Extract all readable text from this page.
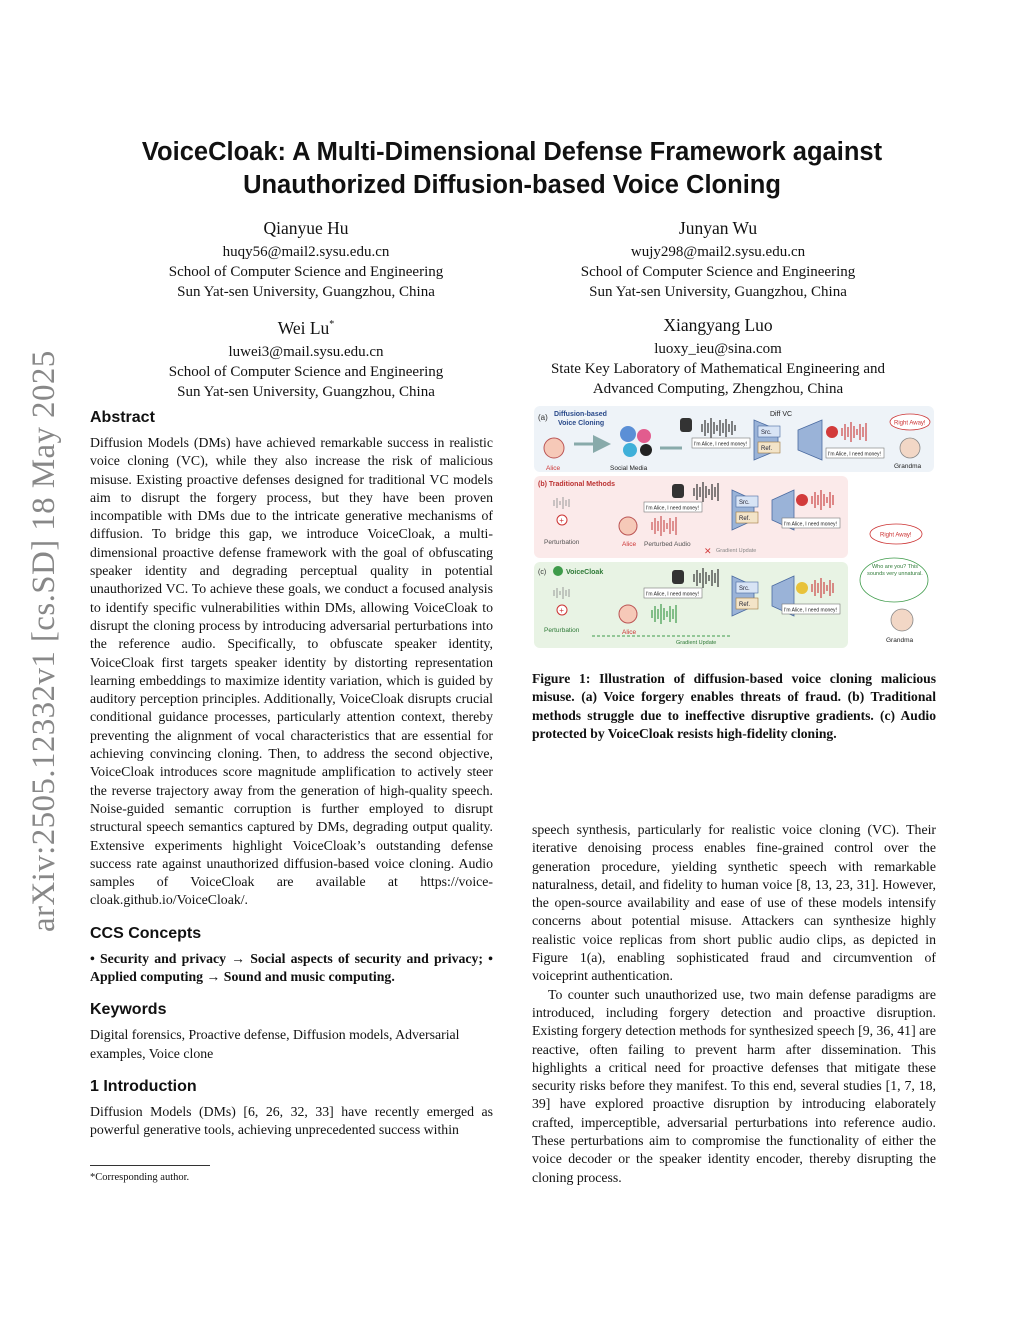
arXiv:2505.12332v1 [cs.SD] 18 May 2025
VoiceCloak: A Multi-Dimensional Defense Framework against
Unauthorized Diffusion-based Voice Cloning
Qianyue Hu
huqy56@mail2.sysu.edu.cn
School of Computer Science and Engineering
Sun Yat-sen University, Guangzhou, China
Junyan Wu
wujy298@mail2.sysu.edu.cn
School of Computer Science and Engineering
Sun Yat-sen University, Guangzhou, China
Wei Lu*
luwei3@mail.sysu.edu.cn
School of Computer Science and Engineering
Sun Yat-sen University, Guangzhou, China
Xiangyang Luo
luoxy_ieu@sina.com
State Key Laboratory of Mathematical Engineering and
Advanced Computing, Zhengzhou, China
Abstract

Diffusion Models (DMs) have achieved remarkable success in realistic voice cloning (VC), while they also increase the risk of malicious misuse. Existing proactive defenses designed for traditional VC models aim to disrupt the forgery process, but they have been proven incompatible with DMs due to the intricate generative mechanisms of diffusion. To bridge this gap, we introduce VoiceCloak, a multi-dimensional proactive defense framework with the goal of obfuscating speaker identity and degrading perceptual quality in potential unauthorized VC. To achieve these goals, we conduct a focused analysis to identify specific vulnerabilities within DMs, allowing VoiceCloak to disrupt the cloning process by introducing adversarial perturbations into the reference audio. Specifically, to obfuscate speaker identity, VoiceCloak first targets speaker identity by distorting representation learning embeddings to maximize identity variation, which is guided by auditory perception principles. Additionally, VoiceCloak disrupts crucial conditional guidance processes, particularly attention context, thereby preventing the alignment of vocal characteristics that are essential for achieving convincing cloning. Then, to address the second objective, VoiceCloak introduces score magnitude amplification to actively steer the reverse trajectory away from the generation of high-quality speech. Noise-guided semantic corruption is further employed to disrupt structural speech semantics captured by DMs, degrading output quality. Extensive experiments highlight VoiceCloak’s outstanding defense success rate against unauthorized diffusion-based voice cloning. Audio samples of VoiceCloak are available at https://voice-cloak.github.io/VoiceCloak/.

CCS Concepts

• Security and privacy → Social aspects of security and privacy; • Applied computing → Sound and music computing.

Keywords

Digital forensics, Proactive defense, Diffusion models, Adversarial examples, Voice clone

1 Introduction

Diffusion Models (DMs) [6, 26, 32, 33] have recently emerged as powerful generative tools, achieving unprecedented success within

*Corresponding author.
(a) Diffusion-based
Voice Cloning
Alice	Social Media
I'm Alice, I need money!
Diff VC
Src.
Ref.
I'm Alice, I need money!
Right Away!
Grandma
(b) Traditional Methods
+
Perturbation	Alice
I'm Alice, I need money!
Perturbed Audio
Src.
Ref.
✕ Gradient Update
I'm Alice, I need money!
(c)	VoiceCloak
+
Perturbation	Alice
I'm Alice, I need money!
Src.
Ref.
Gradient Update
I'm Alice, I need money!
Right Away!
Who are you? This sounds very unnatural.
Grandma
Figure 1: Illustration of diffusion-based voice cloning malicious misuse. (a) Voice forgery enables threats of fraud. (b) Traditional methods struggle due to ineffective disruptive gradients. (c) Audio protected by VoiceCloak resists high-fidelity cloning.

speech synthesis, particularly for realistic voice cloning (VC). Their iterative denoising process enables fine-grained control over the generation procedure, yielding synthetic speech with remarkable naturalness, detail, and fidelity to human voice [8, 13, 23, 31]. However, the open-source availability and ease of use of these models intensify concerns about potential misuse. Attackers can synthesize highly realistic voice replicas from short public audio clips, as depicted in Figure 1(a), enabling sophisticated fraud and circumvention of voiceprint authentication.

To counter such unauthorized use, two main defense paradigms are introduced, including forgery detection and proactive disruption. Existing forgery detection methods for synthesized speech [9, 36, 41] are reactive, often failing to prevent harm after dissemination. This highlights a critical need for proactive defenses that mitigate these security risks before they manifest. To this end, several studies [1, 7, 18, 39] have explored proactive disruption by introducing elaborately crafted, imperceptible, adversarial perturbations into reference audio. These perturbations aim to compromise the functionality of either the voice decoder or the speaker identity encoder, thereby disrupting the cloning process.
